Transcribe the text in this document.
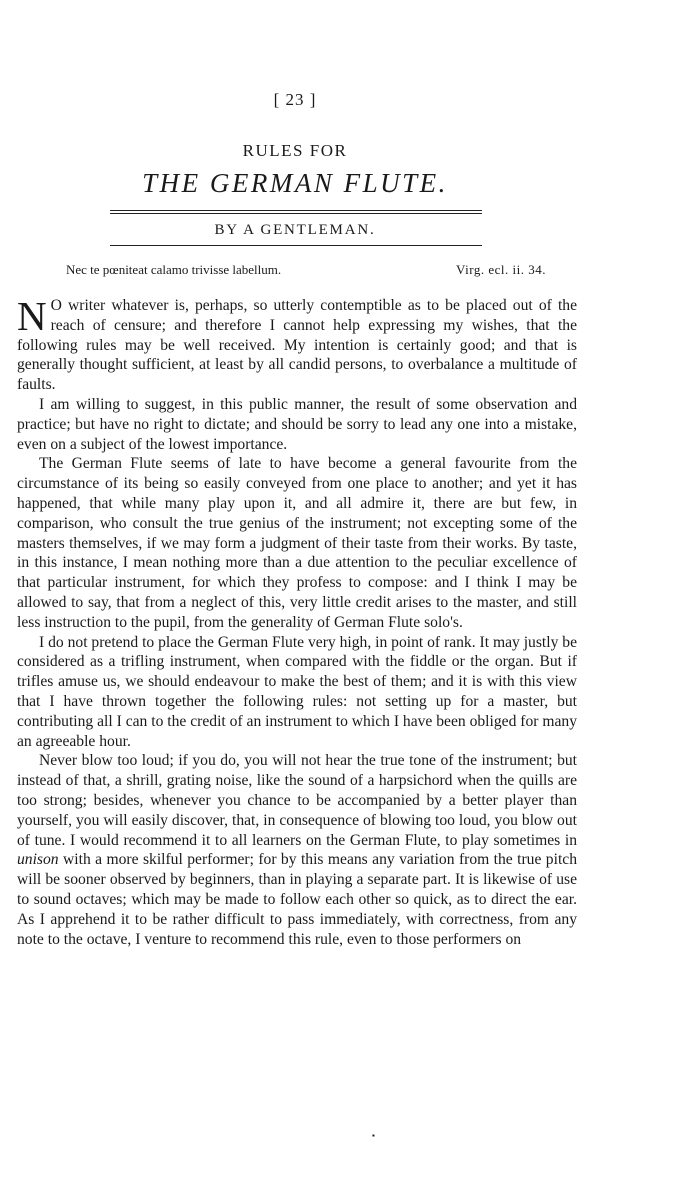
[ 23 ]
RULES FOR
THE GERMAN FLUTE.
BY A GENTLEMAN.
Nec te pœniteat calamo trivisse labellum.	Virg. ecl. ii. 34.

N O writer whatever is, perhaps, so utterly contemptible as to be placed out of the reach of censure; and therefore I cannot help expressing my wishes, that the following rules may be well received. My intention is certainly good; and that is generally thought sufficient, at least by all candid persons, to overbalance a multitude of faults.

I am willing to suggest, in this public manner, the result of some observation and practice; but have no right to dictate; and should be sorry to lead any one into a mistake, even on a subject of the lowest importance.

The German Flute seems of late to have become a general favourite from the circumstance of its being so easily conveyed from one place to another; and yet it has happened, that while many play upon it, and all admire it, there are but few, in comparison, who consult the true genius of the instrument; not excepting some of the masters themselves, if we may form a judgment of their taste from their works. By taste, in this instance, I mean nothing more than a due attention to the peculiar excellence of that particular instrument, for which they profess to compose: and I think I may be allowed to say, that from a neglect of this, very little credit arises to the master, and still less instruction to the pupil, from the generality of German Flute solo's.

I do not pretend to place the German Flute very high, in point of rank. It may justly be considered as a trifling instrument, when compared with the fiddle or the organ. But if trifles amuse us, we should endeavour to make the best of them; and it is with this view that I have thrown together the following rules: not setting up for a master, but contributing all I can to the credit of an instrument to which I have been obliged for many an agreeable hour.

Never blow too loud; if you do, you will not hear the true tone of the instrument; but instead of that, a shrill, grating noise, like the sound of a harpsichord when the quills are too strong; besides, whenever you chance to be accompanied by a better player than yourself, you will easily discover, that, in consequence of blowing too loud, you blow out of tune. I would recommend it to all learners on the German Flute, to play sometimes in unison with a more skilful performer; for by this means any variation from the true pitch will be sooner observed by beginners, than in playing a separate part. It is likewise of use to sound octaves; which may be made to follow each other so quick, as to direct the ear. As I apprehend it to be rather difficult to pass immediately, with correctness, from any note to the octave, I venture to recommend this rule, even to those performers on

▪
